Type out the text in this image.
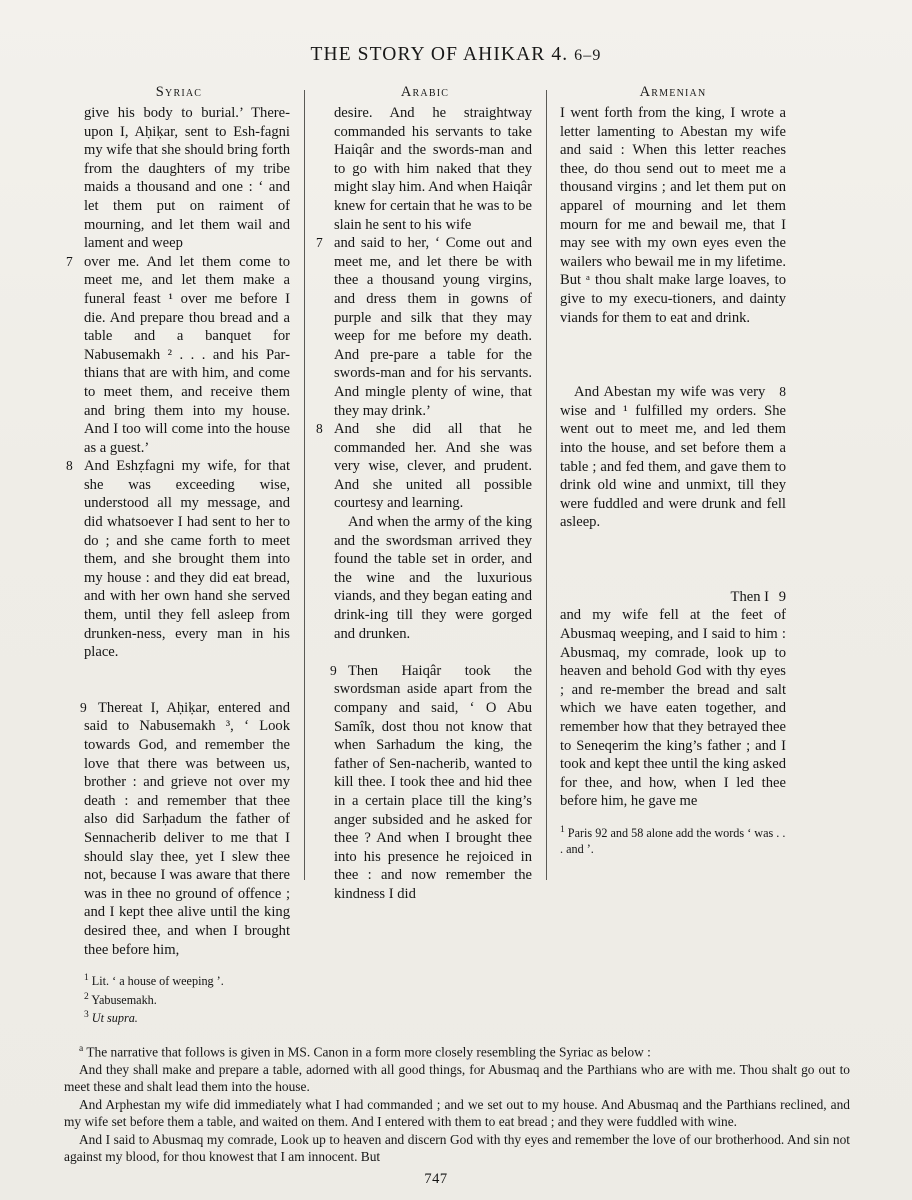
THE STORY OF AHIKAR 4. 6–9
Syriac

give his body to burial.’ There-upon I, Aḥiḳar, sent to Esh-fagni my wife that she should bring forth from the daughters of my tribe maids a thousand and one : ‘ and let them put on raiment of mourning, and let them wail and lament and weep

7 over me. And let them come to meet me, and let them make a funeral feast ¹ over me before I die. And prepare thou bread and a table and a banquet for Nabusemakh ² . . . and his Par-thians that are with him, and come to meet them, and receive them and bring them into my house. And I too will come into the house as a guest.’

8 And Eshẓfagni my wife, for that she was exceeding wise, understood all my message, and did whatsoever I had sent to her to do ; and she came forth to meet them, and she brought them into my house : and they did eat bread, and with her own hand she served them, until they fell asleep from drunken-ness, every man in his place.

9 Thereat I, Aḥiḳar, entered and said to Nabusemakh ³, ‘ Look towards God, and remember the love that there was between us, brother : and grieve not over my death : and remember that thee also did Sarḥadum the father of Sennacherib deliver to me that I should slay thee, yet I slew thee not, because I was aware that there was in thee no ground of offence ; and I kept thee alive until the king desired thee, and when I brought thee before him,

$^1$ Lit. ‘ a house of weeping ’.
$^2$ Yabusemakh.
$^3$ Ut supra.
Arabic

desire. And he straightway commanded his servants to take Haiqâr and the swords-man and to go with him naked that they might slay him. And when Haiqâr knew for certain that he was to be slain he sent to his wife

7 and said to her, ‘ Come out and meet me, and let there be with thee a thousand young virgins, and dress them in gowns of purple and silk that they may weep for me before my death. And pre-pare a table for the swords-man and for his servants. And mingle plenty of wine, that they may drink.’

8 And she did all that he commanded her. And she was very wise, clever, and prudent. And she united all possible courtesy and learning.

And when the army of the king and the swordsman arrived they found the table set in order, and the wine and the luxurious viands, and they began eating and drink-ing till they were gorged and drunken.

9 Then Haiqâr took the swordsman aside apart from the company and said, ‘ O Abu Samîk, dost thou not know that when Sarhadum the king, the father of Sen-nacherib, wanted to kill thee. I took thee and hid thee in a certain place till the king’s anger subsided and he asked for thee ? And when I brought thee into his presence he rejoiced in thee : and now remember the kindness I did

Armenian

I went forth from the king, I wrote a letter lamenting to Abestan my wife and said : When this letter reaches thee, do thou send out to meet me a thousand virgins ; and let them put on apparel of mourning and let them mourn for me and bewail me, that I may see with my own eyes even the wailers who bewail me in my lifetime. But ᵃ thou shalt make large loaves, to give to my execu-tioners, and dainty viands for them to eat and drink.

8
And Abestan my wife was very wise and ¹ fulfilled my orders. She went out to meet me, and led them into the house, and set before them a table ; and fed them, and gave them to drink old wine and unmixt, till they were fuddled and were drunk and fell asleep.

Then I 9

and my wife fell at the feet of Abusmaq weeping, and I said to him : Abusmaq, my comrade, look up to heaven and behold God with thy eyes ; and re-member the bread and salt which we have eaten together, and remember how that they betrayed thee to Seneqerim the king’s father ; and I took and kept thee until the king asked for thee, and how, when I led thee before him, he gave me

$^1$ Paris 92 and 58 alone add the words ‘ was . . . and ’.

$^a$ The narrative that follows is given in MS. Canon in a form more closely resembling the Syriac as below :

And they shall make and prepare a table, adorned with all good things, for Abusmaq and the Parthians who are with me. Thou shalt go out to meet these and shalt lead them into the house.

And Arphestan my wife did immediately what I had commanded ; and we set out to my house. And Abusmaq and the Parthians reclined, and my wife set before them a table, and waited on them. And I entered with them to eat bread ; and they were fuddled with wine.

And I said to Abusmaq my comrade, Look up to heaven and discern God with thy eyes and remember the love of our brotherhood. And sin not against my blood, for thou knowest that I am innocent. But

747
